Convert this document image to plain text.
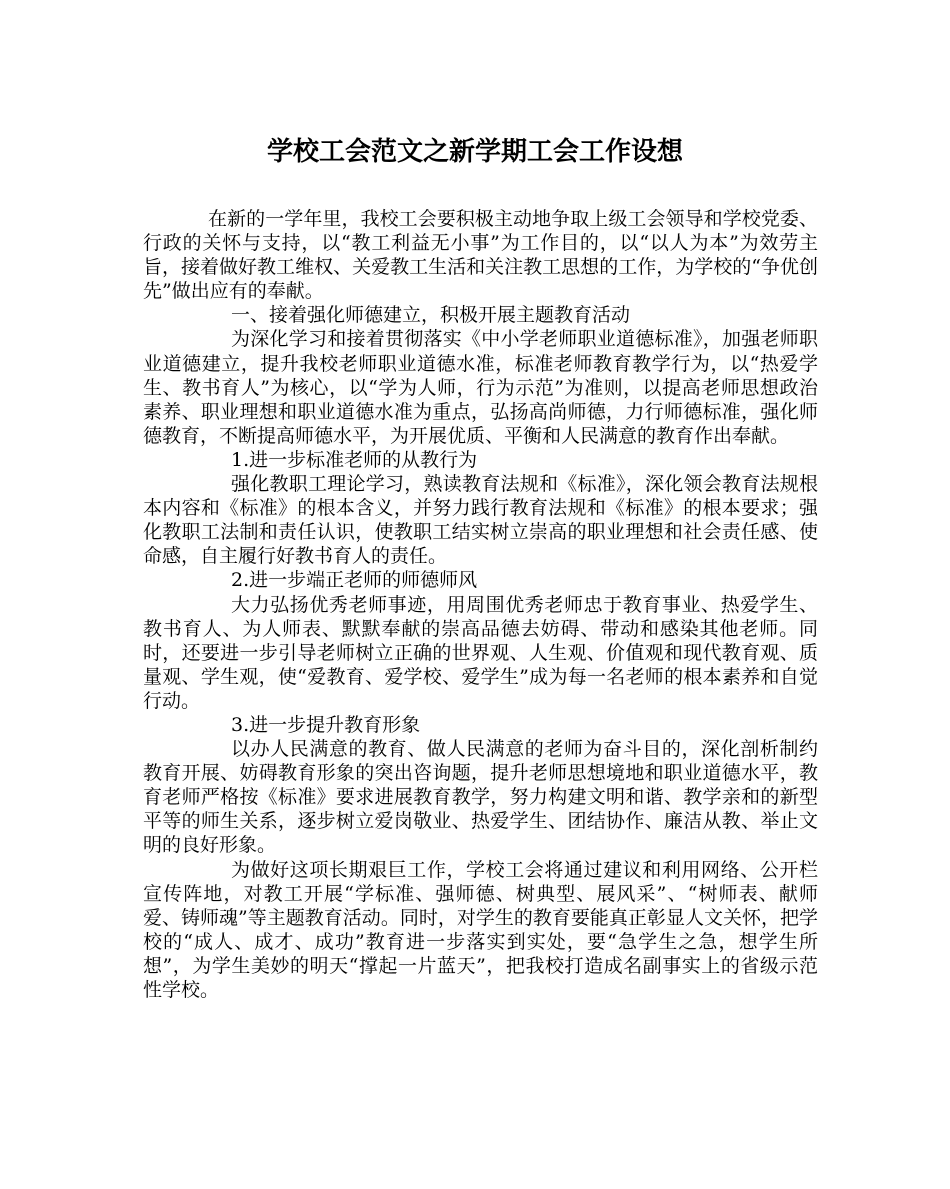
学校工会范文之新学期工会工作设想

在新的一学年里，我校工会要积极主动地争取上级工会领导和学校党委、行政的关怀与支持，以“教工利益无小事”为工作目的，以“以人为本”为效劳主旨，接着做好教工维权、关爱教工生活和关注教工思想的工作，为学校的“争优创先”做出应有的奉献。

一、接着强化师德建立，积极开展主题教育活动

为深化学习和接着贯彻落实《中小学老师职业道德标准》，加强老师职业道德建立，提升我校老师职业道德水准，标准老师教育教学行为，以“热爱学生、教书育人”为核心，以“学为人师，行为示范”为准则，以提高老师思想政治素养、职业理想和职业道德水准为重点，弘扬高尚师德，力行师德标准，强化师德教育，不断提高师德水平，为开展优质、平衡和人民满意的教育作出奉献。

1.进一步标准老师的从教行为

强化教职工理论学习，熟读教育法规和《标准》，深化领会教育法规根本内容和《标准》的根本含义，并努力践行教育法规和《标准》的根本要求；强化教职工法制和责任认识，使教职工结实树立崇高的职业理想和社会责任感、使命感，自主履行好教书育人的责任。

2.进一步端正老师的师德师风

大力弘扬优秀老师事迹，用周围优秀老师忠于教育事业、热爱学生、教书育人、为人师表、默默奉献的崇高品德去妨碍、带动和感染其他老师。同时，还要进一步引导老师树立正确的世界观、人生观、价值观和现代教育观、质量观、学生观，使“爱教育、爱学校、爱学生”成为每一名老师的根本素养和自觉行动。

3.进一步提升教育形象

以办人民满意的教育、做人民满意的老师为奋斗目的，深化剖析制约教育开展、妨碍教育形象的突出咨询题，提升老师思想境地和职业道德水平，教育老师严格按《标准》要求进展教育教学，努力构建文明和谐、教学亲和的新型平等的师生关系，逐步树立爱岗敬业、热爱学生、团结协作、廉洁从教、举止文明的良好形象。

为做好这项长期艰巨工作，学校工会将通过建议和利用网络、公开栏宣传阵地，对教工开展“学标准、强师德、树典型、展风采”、“树师表、献师爱、铸师魂”等主题教育活动。同时，对学生的教育要能真正彰显人文关怀，把学校的“成人、成才、成功”教育进一步落实到实处，要“急学生之急，想学生所想”，为学生美妙的明天“撑起一片蓝天”，把我校打造成名副事实上的省级示范性学校。
